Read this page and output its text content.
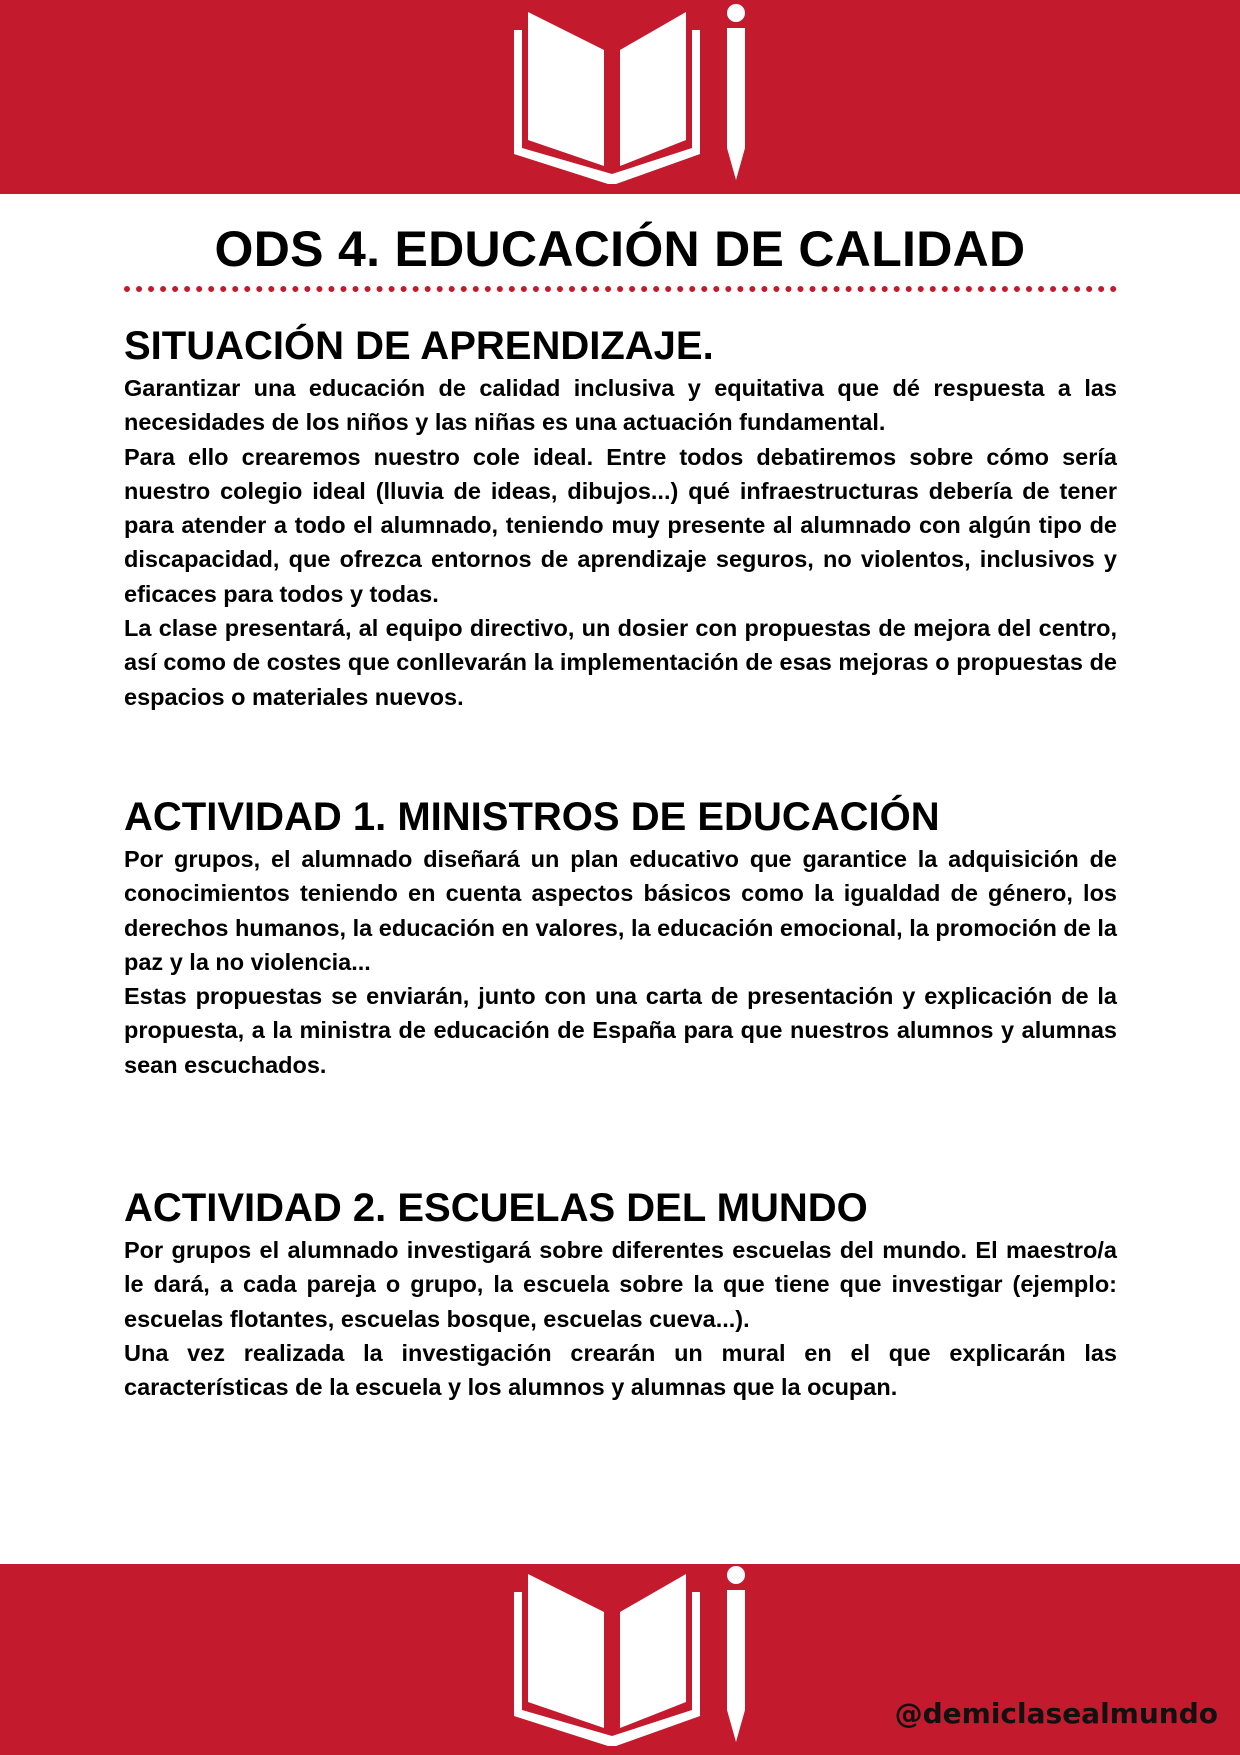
ODS 4. EDUCACIÓN DE CALIDAD
SITUACIÓN DE APRENDIZAJE.

Garantizar una educación de calidad inclusiva y equitativa que dé respuesta a las necesidades de los niños y las niñas es una actuación fundamental.

Para ello crearemos nuestro cole ideal. Entre todos debatiremos sobre cómo sería nuestro colegio ideal (lluvia de ideas, dibujos...) qué infraestructuras debería de tener para atender a todo el alumnado, teniendo muy presente al alumnado con algún tipo de discapacidad, que ofrezca entornos de aprendizaje seguros, no violentos, inclusivos y eficaces para todos y todas.

La clase presentará, al equipo directivo, un dosier con propuestas de mejora del centro, así como de costes que conllevarán la implementación de esas mejoras o propuestas de espacios o materiales nuevos.

ACTIVIDAD 1. MINISTROS DE EDUCACIÓN

Por grupos, el alumnado diseñará un plan educativo que garantice la adquisición de conocimientos teniendo en cuenta aspectos básicos como la igualdad de género, los derechos humanos, la educación en valores, la educación emocional, la promoción de la paz y la no violencia...

Estas propuestas se enviarán, junto con una carta de presentación y explicación de la propuesta, a la ministra de educación de España para que nuestros alumnos y alumnas sean escuchados.

ACTIVIDAD 2. ESCUELAS DEL MUNDO

Por grupos el alumnado investigará sobre diferentes escuelas del mundo. El maestro/a le dará, a cada pareja o grupo, la escuela sobre la que tiene que investigar (ejemplo: escuelas flotantes, escuelas bosque, escuelas cueva...).

Una vez realizada la investigación crearán un mural en el que explicarán las características de la escuela y los alumnos y alumnas que la ocupan.

@demiclasealmundo
